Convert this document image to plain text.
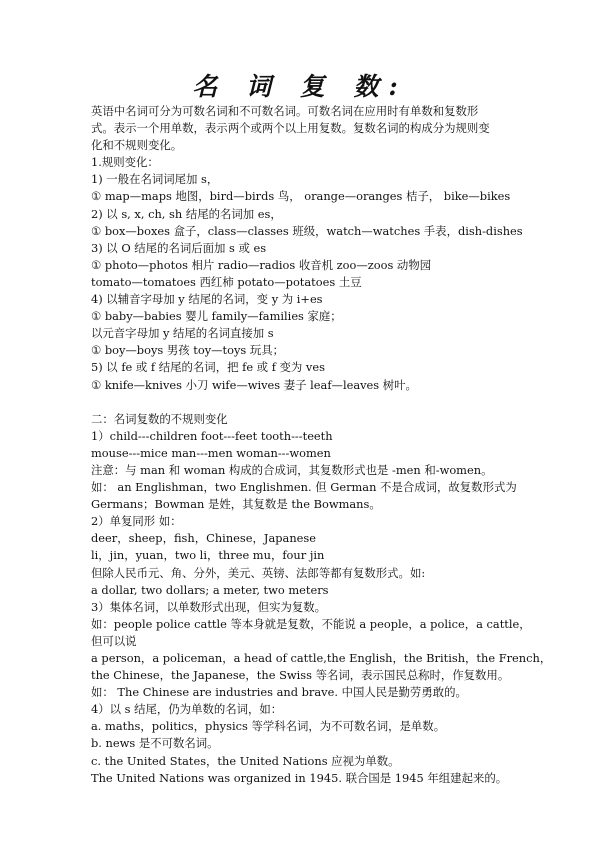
名 词 复 数:
英语中名词可分为可数名词和不可数名词。可数名词在应用时有单数和复数形
式。表示一个用单数，表示两个或两个以上用复数。复数名词的构成分为规则变
化和不规则变化。
1.规则变化：
1) 一般在名词词尾加 s，
① map—maps 地图，bird—birds 鸟， orange—oranges 桔子， bike—bikes
2) 以 s, x, ch, sh 结尾的名词加 es，
① box—boxes 盒子，class—classes 班级，watch—watches 手表，dish-dishes
3) 以 O 结尾的名词后面加 s 或 es
① photo—photos 相片 radio—radios 收音机 zoo—zoos 动物园
tomato—tomatoes 西红柿 potato—potatoes 土豆
4) 以辅音字母加 y 结尾的名词，变 y 为 i+es
① baby—babies 婴儿 family—families 家庭；
以元音字母加 y 结尾的名词直接加 s
① boy—boys 男孩 toy—toys 玩具；
5) 以 fe 或 f 结尾的名词，把 fe 或 f 变为 ves
① knife—knives 小刀 wife—wives 妻子 leaf—leaves 树叶。
二：名词复数的不规则变化
1）child---children foot---feet tooth---teeth
mouse---mice man---men woman---women
注意：与 man 和 woman 构成的合成词，其复数形式也是 -men 和-women。
如： an Englishman，two Englishmen. 但 German 不是合成词，故复数形式为
Germans；Bowman 是姓，其复数是 the Bowmans。
2）单复同形 如：
deer，sheep，fish，Chinese，Japanese
li，jin，yuan，two li，three mu，four jin
但除人民币元、角、分外，美元、英镑、法郎等都有复数形式。如:
a dollar, two dollars; a meter, two meters
3）集体名词，以单数形式出现，但实为复数。
如：people police cattle 等本身就是复数，不能说 a people，a police，a cattle，
但可以说
a person，a policeman，a head of cattle,the English，the British，the French，
the Chinese，the Japanese，the Swiss 等名词，表示国民总称时，作复数用。
如： The Chinese are industries and brave. 中国人民是勤劳勇敢的。
4）以 s 结尾，仍为单数的名词，如：
a. maths，politics，physics 等学科名词，为不可数名词，是单数。
b. news 是不可数名词。
c. the United States，the United Nations 应视为单数。
The United Nations was organized in 1945. 联合国是 1945 年组建起来的。
